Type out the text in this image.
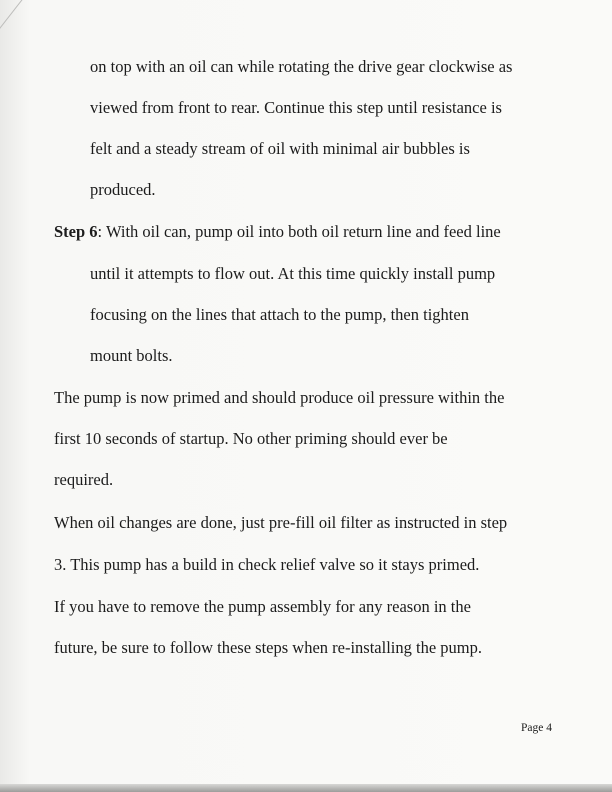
on top with an oil can while rotating the drive gear clockwise as
viewed from front to rear. Continue this step until resistance is
felt and a steady stream of oil with minimal air bubbles is
produced.
Step 6: With oil can, pump oil into both oil return line and feed line
until it attempts to flow out. At this time quickly install pump
focusing on the lines that attach to the pump, then tighten
mount bolts.
The pump is now primed and should produce oil pressure within the
first 10 seconds of startup. No other priming should ever be
required.
When oil changes are done, just pre-fill oil filter as instructed in step
3. This pump has a build in check relief valve so it stays primed.
If you have to remove the pump assembly for any reason in the
future, be sure to follow these steps when re-installing the pump.
Page 4
